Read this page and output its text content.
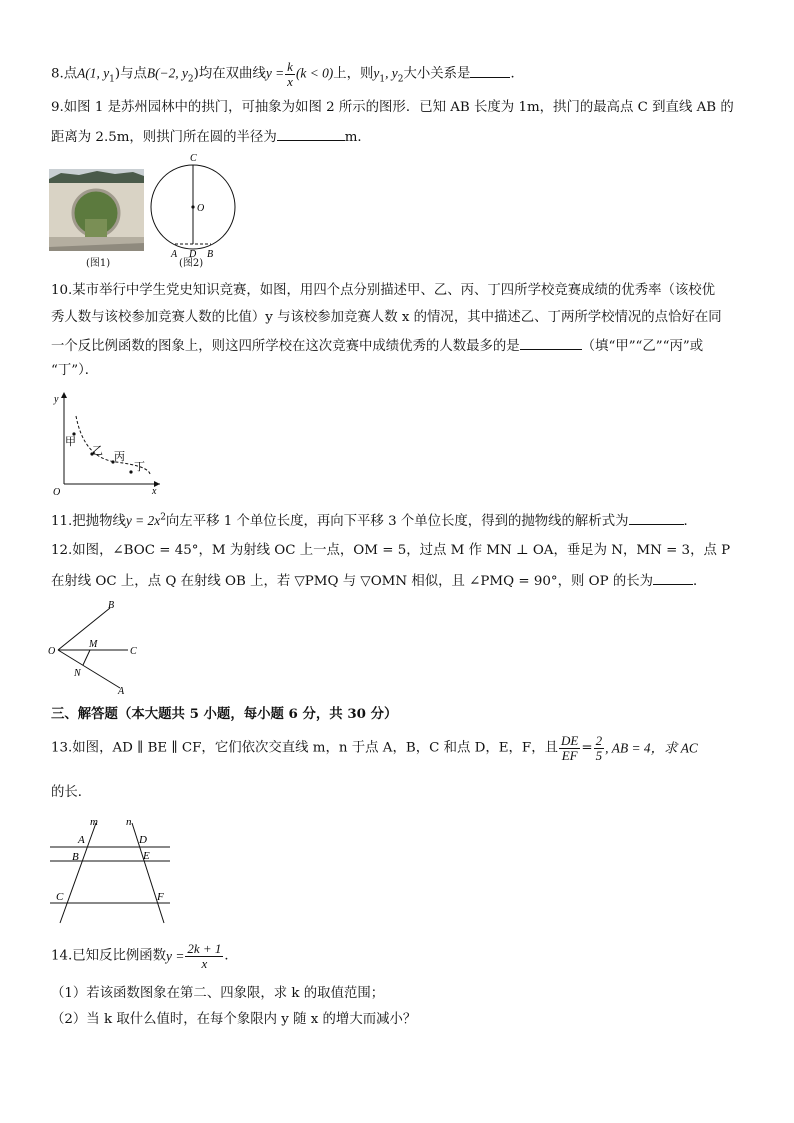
8.点A(1, $y_1$)与点B(−2, $y_2$)均在双曲线$y = \frac{k}{x} (k < 0)$上，则$y_1$, $y_2$大小关系是	．
9.如图 1 是苏州园林中的拱门，可抽象为如图 2 所示的图形．已知 AB 长度为 1m，拱门的最高点 C 到直线 AB 的
距离为 2.5m，则拱门所在圆的半径为	m．
(图1)
C
O
A D B
(图2)
10.某市举行中学生党史知识竞赛，如图，用四个点分别描述甲、乙、丙、丁四所学校竞赛成绩的优秀率（该校优
秀人数与该校参加竞赛人数的比值）y 与该校参加竞赛人数 x 的情况，其中描述乙、丁两所学校情况的点恰好在同
一个反比例函数的图象上，则这四所学校在这次竞赛中成绩优秀的人数最多的是	（填“甲”“乙”“丙”或
“丁”）．
y
x
O
甲
乙 丙
丁
11.把抛物线$y = 2x^2$向左平移 1 个单位长度，再向下平移 3 个单位长度，得到的抛物线的解析式为	．
12.如图，∠BOC = 45°，M 为射线 OC 上一点，OM = 5，过点 M 作 MN ⊥ OA，垂足为 N，MN = 3，点 P
在射线 OC 上，点 Q 在射线 OB 上，若 ▽PMQ 与 ▽OMN 相似，且 ∠PMQ = 90°，则 OP 的长为	．
B
O
M
C
N
A
三、解答题（本大题共 5 小题，每小题 6 分，共 30 分）
13.如图，AD ∥ BE ∥ CF，它们依次交直线 m，n 于点 A，B，C 和点 D，E，F，且 $\frac{DE}{EF} = \frac{2}{5}$ , AB = 4，求 AC
的长．
m	n
A
B
C
D
E
F
14.已知反比例函数$y = \frac{2k + 1}{x}$ ．
（1）若该函数图象在第二、四象限，求 k 的取值范围；
（2）当 k 取什么值时，在每个象限内 y 随 x 的增大而减小？
